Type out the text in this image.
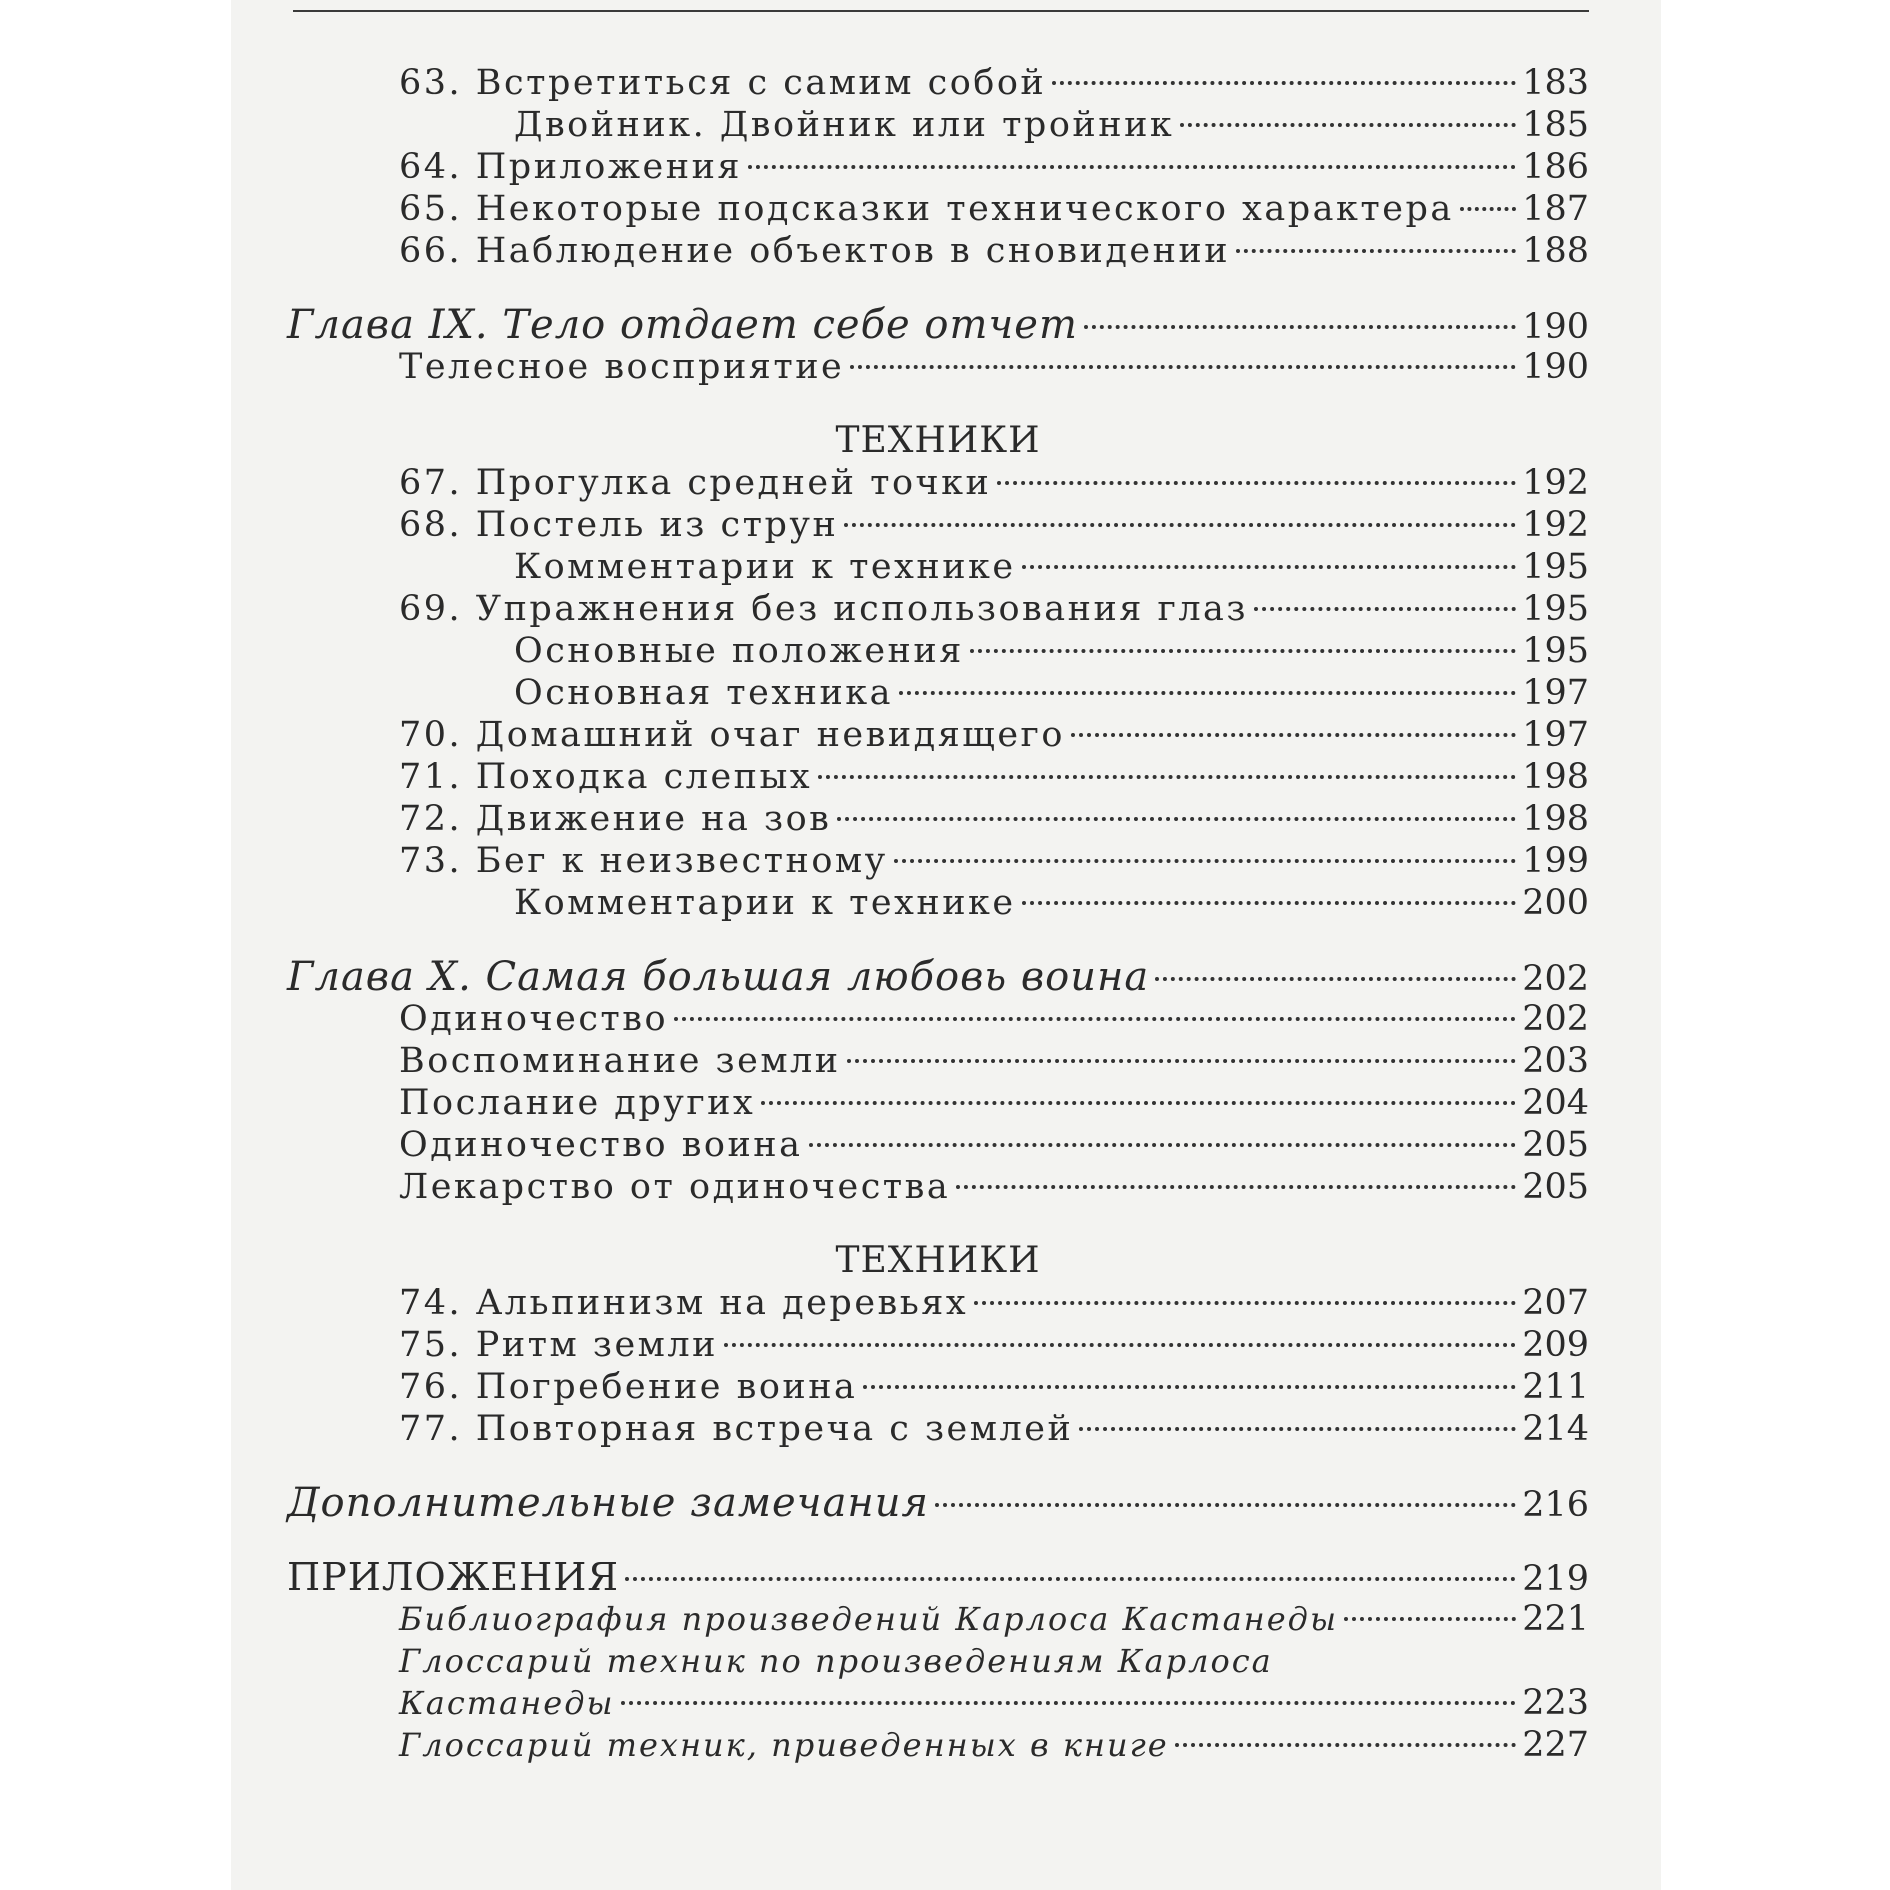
63. Встретиться с самим собой	183
Двойник. Двойник или тройник	185
64. Приложения	186
65. Некоторые подсказки технического характера 187
66. Наблюдение объектов в сновидении	188
Глава IX. Тело отдает себе отчет	190
Телесное восприятие	190
ТЕХНИКИ
67. Прогулка средней точки	192
68. Постель из струн	192
Комментарии к технике	195
69. Упражнения без использования глаз	195
Основные положения	195
Основная техника	197
70. Домашний очаг невидящего	197
71. Походка слепых	198
72. Движение на зов	198
73. Бег к неизвестному	199
Комментарии к технике	200
Глава X. Самая большая любовь воина	202
Одиночество	202
Воспоминание земли	203
Послание других	204
Одиночество воина	205
Лекарство от одиночества	205
ТЕХНИКИ
74. Альпинизм на деревьях	207
75. Ритм земли	209
76. Погребение воина	211
77. Повторная встреча с землей	214
Дополнительные замечания	216
ПРИЛОЖЕНИЯ	219
Библиография произведений Карлоса Кастанеды	221
Глоссарий техник по произведениям Карлоса
Кастанеды	223
Глоссарий техник, приведенных в книге	227
